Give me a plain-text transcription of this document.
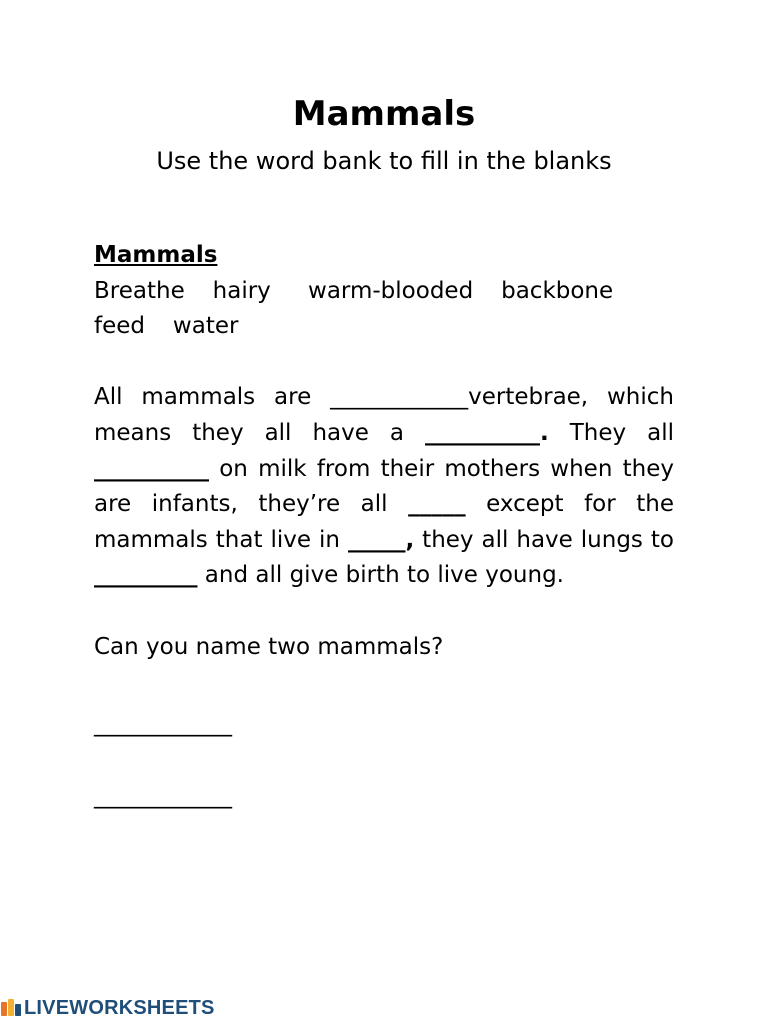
Mammals
Use the word bank to fill in the blanks
Mammals
Breathe   hairy    warm-blooded   backbone
feed   water
All mammals are ____________vertebrae, which means they all have a __________. They all __________ on milk from their mothers when they are infants, they’re all _____ except for the mammals that live in _____, they all have lungs to _________ and all give birth to live young.
Can you name two mammals?
____________
____________
LIVEWORKSHEETS
